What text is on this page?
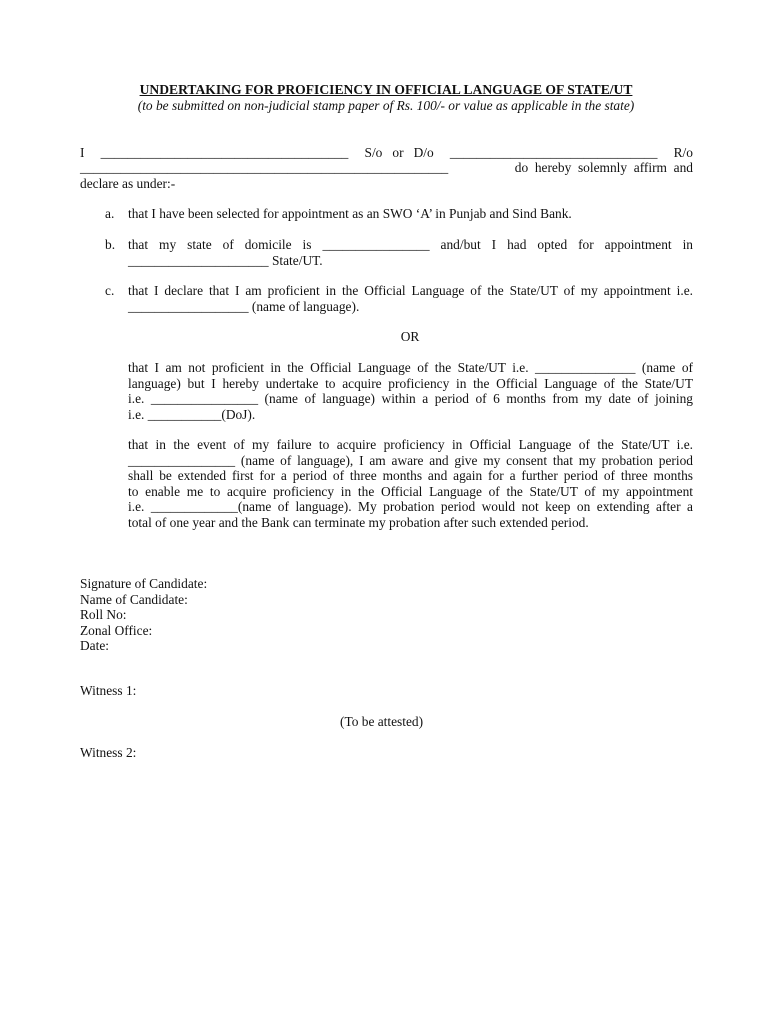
UNDERTAKING FOR PROFICIENCY IN OFFICIAL LANGUAGE OF STATE/UT
(to be submitted on non-judicial stamp paper of Rs. 100/- or value as applicable in the state)
I _____________________________________ S/o   or   D/o _______________________________ R/o
_______________________________________________________	do  hereby  solemnly  affirm  and
declare as under:-
a. that I have been selected for appointment as an SWO ‘A’ in Punjab and Sind Bank.
b. that  my  state  of  domicile  is  ________________  and/but  I  had  opted  for  appointment  in
_____________________ State/UT.
c. that I declare that I am proficient in the Official Language of the State/UT of my appointment i.e.
__________________ (name of language).
OR
that I am not proficient in the Official Language of the State/UT i.e. _______________ (name of
language) but I hereby undertake to acquire proficiency in the Official Language of the State/UT
i.e. ________________ (name of language) within a period of 6 months from my date of joining
i.e. ___________(DoJ).
that in the event of my failure to acquire proficiency in Official Language of the State/UT i.e.
________________ (name of language), I am aware and give my consent that my probation period
shall be extended first for a period of three months and again for a further period of three months
to enable me to acquire proficiency in the Official Language of the State/UT of my appointment
i.e. _____________(name of language). My probation period would not keep on extending after a
total of one year and the Bank can terminate my probation after such extended period.
Signature of Candidate:
Name of Candidate:
Roll No:
Zonal Office:
Date:
Witness 1:
(To be attested)
Witness 2:
